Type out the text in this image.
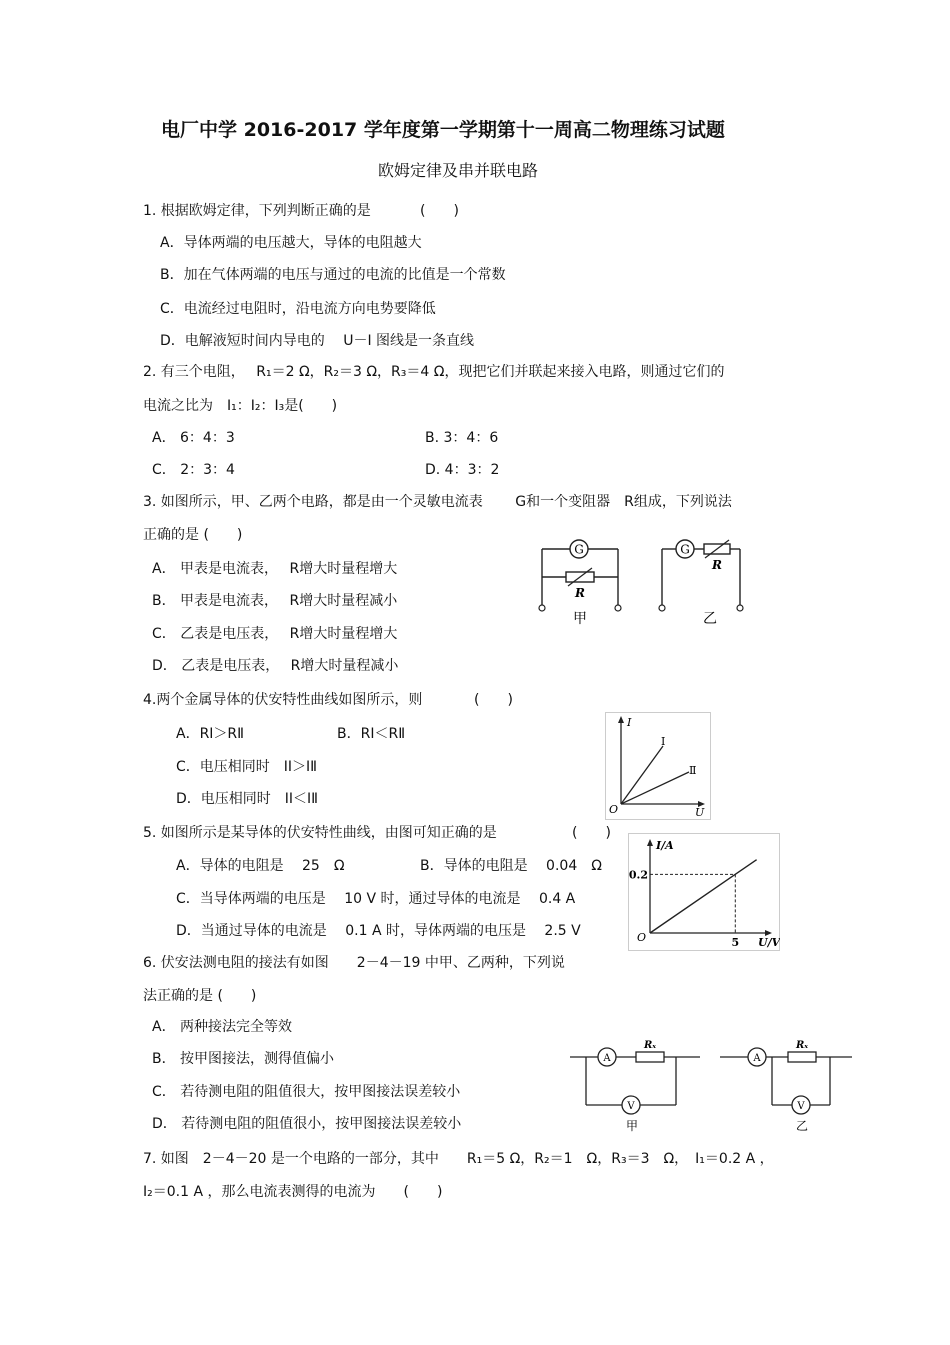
电厂中学 2016-2017 学年度第一学期第十一周高二物理练习试题
欧姆定律及串并联电路
1. 根据欧姆定律，下列判断正确的是	(　　)
A．导体两端的电压越大，导体的电阻越大
B．加在气体两端的电压与通过的电流的比值是一个常数
C．电流经过电阻时，沿电流方向电势要降低
D．电解液短时间内导电的　 U－I 图线是一条直线
2. 有三个电阻，　 R₁＝2 Ω，R₂＝3 Ω，R₃＝4 Ω，现把它们并联起来接入电路，则通过它们的
电流之比为　I₁：I₂：I₃是(　　)
A． 6：4：3	B. 3：4：6
C． 2：3：4	D. 4：3：2
3. 如图所示，甲、乙两个电路，都是由一个灵敏电流表　　 G和一个变阻器　R组成，下列说法
正确的是 (　　)
A． 甲表是电流表，　 R增大时量程增大
B． 甲表是电流表，　 R增大时量程减小
C． 乙表是电压表，　 R增大时量程增大
D． 乙表是电压表，　 R增大时量程减小
G
R
甲
G
R
乙
4.两个金属导体的伏安特性曲线如图所示，则	(　　)
A．RⅠ＞RⅡ	B．RⅠ＜RⅡ
C．电压相同时　IⅠ＞IⅡ
D．电压相同时　IⅠ＜IⅡ
I
U
O
Ⅰ
Ⅱ
5. 如图所示是某导体的伏安特性曲线，由图可知正确的是	(　　)
A．导体的电阻是　 25　Ω	B．导体的电阻是　 0.04　Ω
C．当导体两端的电压是　 10 V 时，通过导体的电流是　 0.4 A
D．当通过导体的电流是　 0.1 A 时，导体两端的电压是　 2.5 V
I/A
U/V
O
0.2
5
6. 伏安法测电阻的接法有如图　　2－4－19 中甲、乙两种，下列说
法正确的是 (　　)
A． 两种接法完全等效
B． 按甲图接法，测得值偏小
C． 若待测电阻的阻值很大，按甲图接法误差较小
D． 若待测电阻的阻值很小，按甲图接法误差较小
A
Rₓ
V
甲
A
Rₓ
V
乙
7. 如图　2－4－20 是一个电路的一部分，其中　　R₁＝5 Ω，R₂＝1　Ω，R₃＝3　Ω，　I₁＝0.2 A ，
I₂＝0.1 A ，那么电流表测得的电流为　　(　　)
